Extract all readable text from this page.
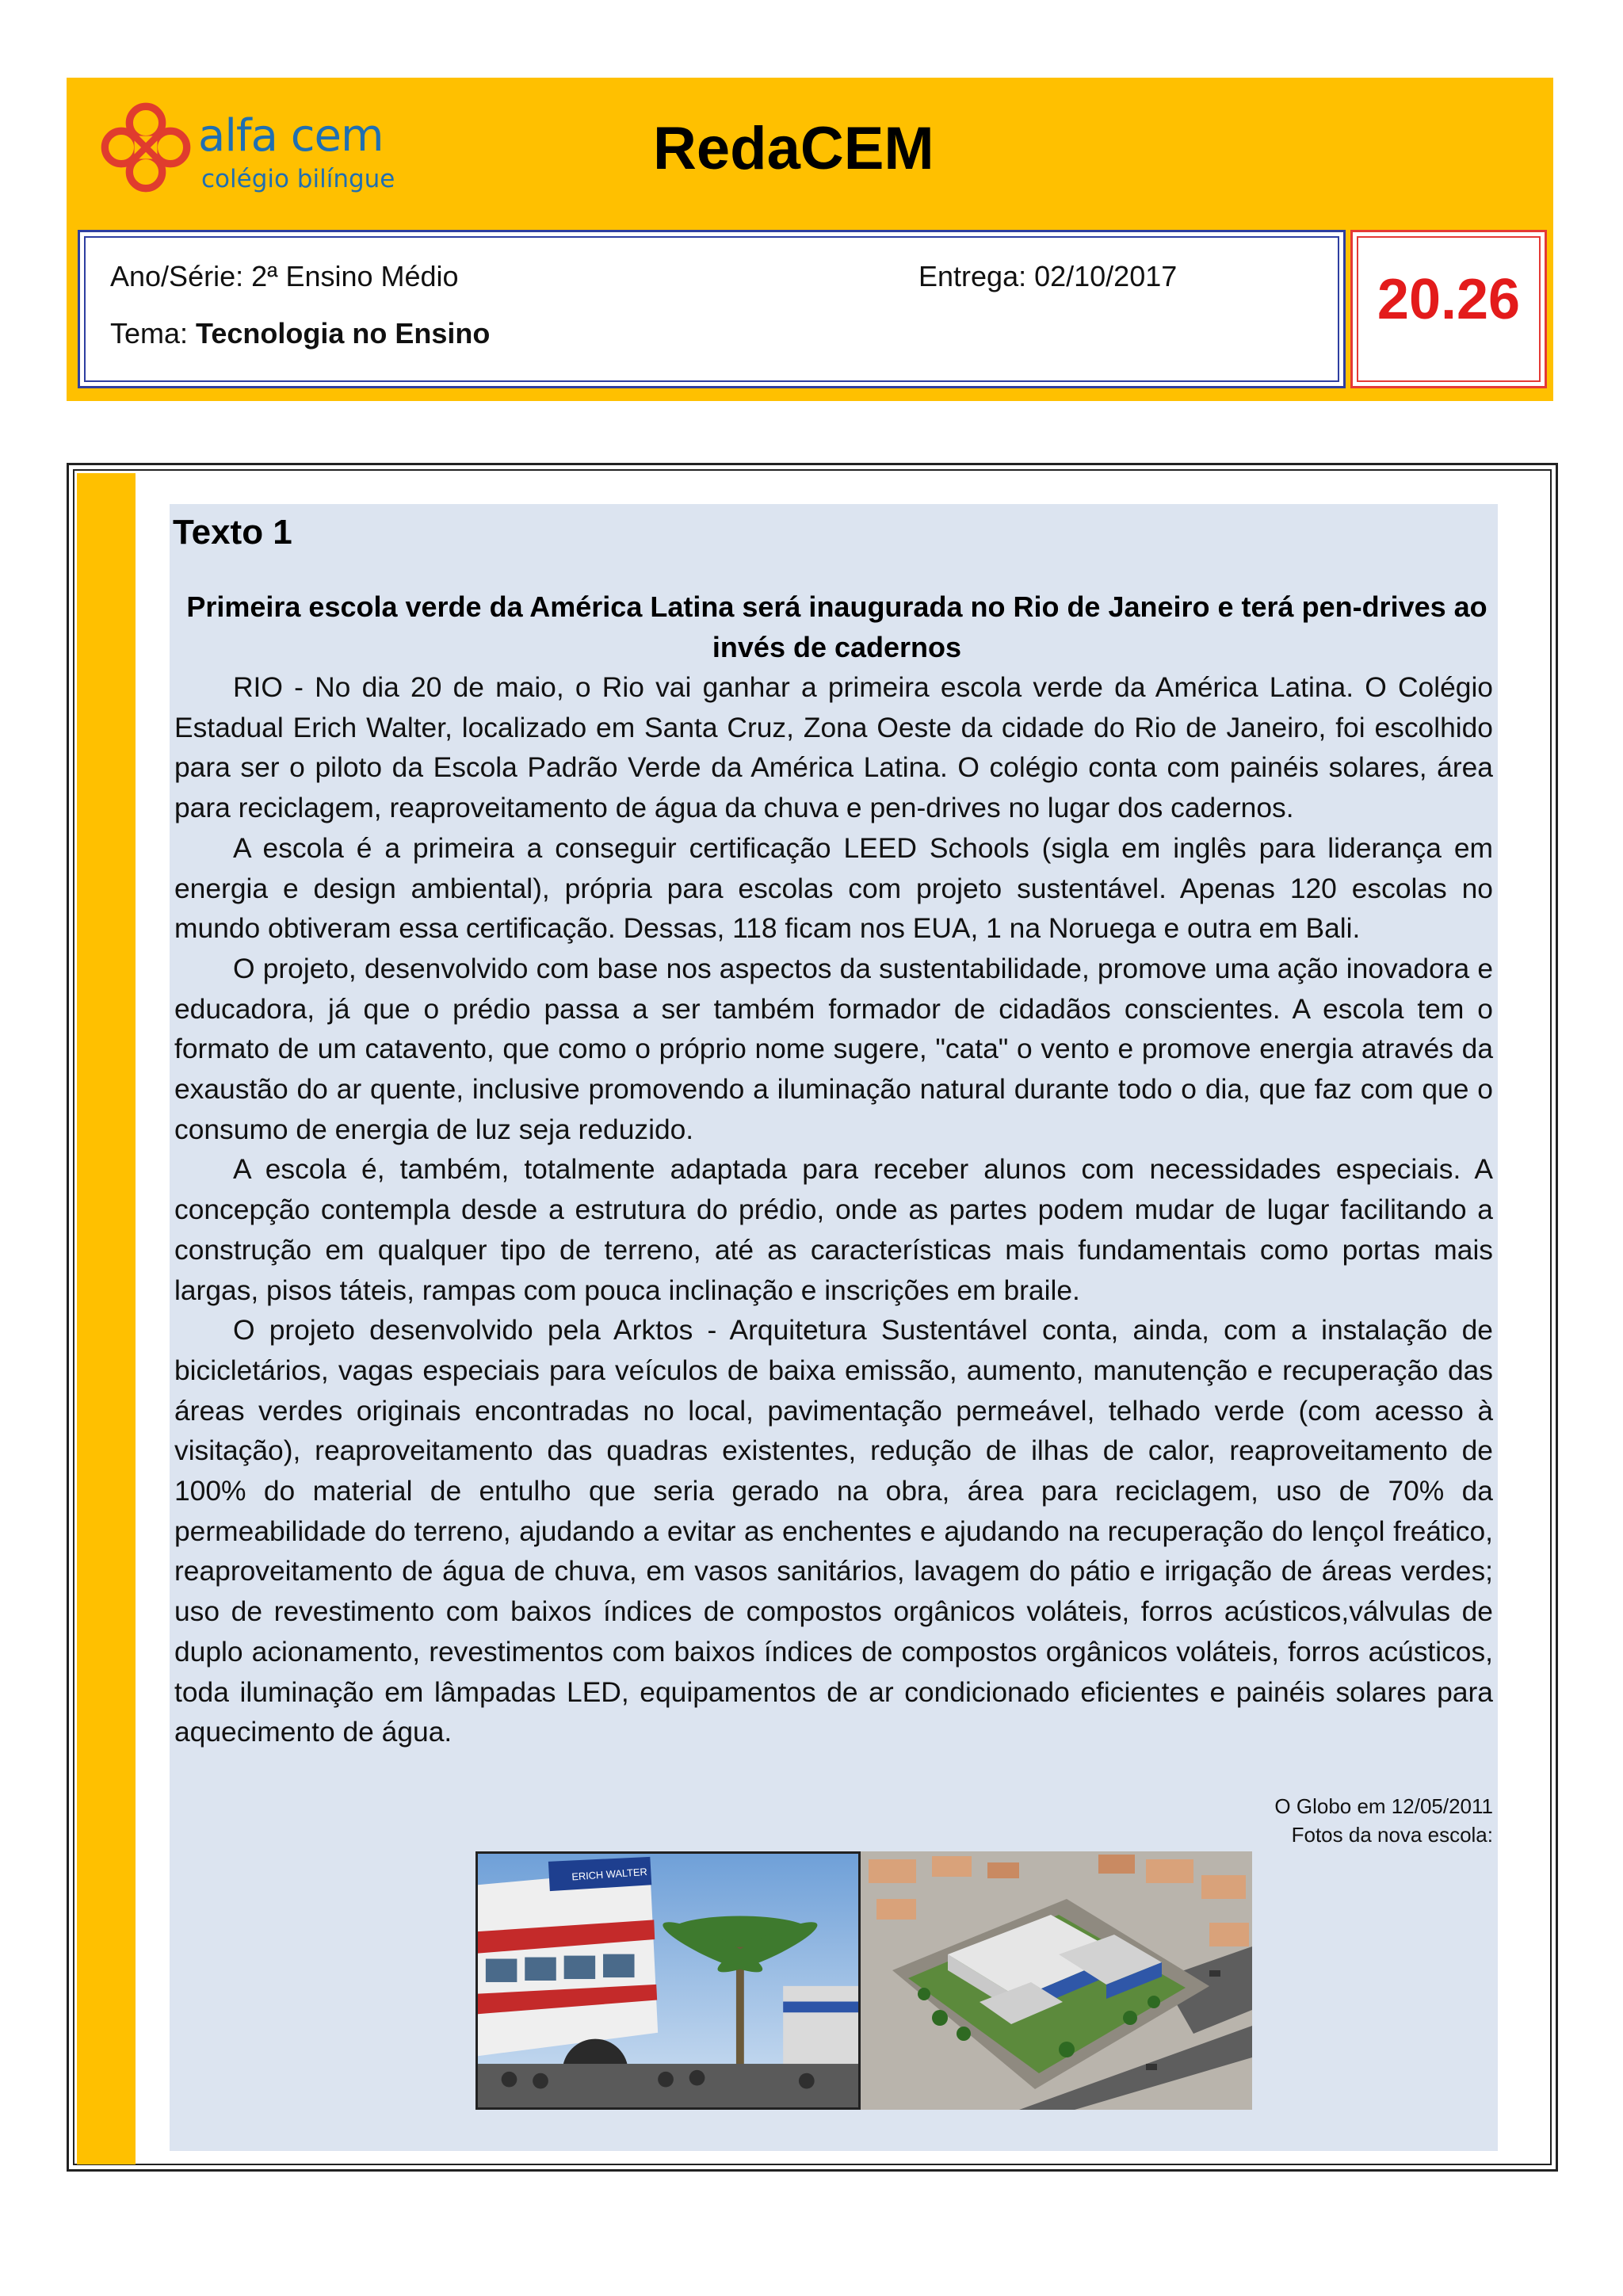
alfa cem
colégio bilíngue	RedaCEM
Ano/Série: 2ª Ensino Médio	Entrega: 02/10/2017
Tema: Tecnologia no Ensino
20.26
Texto 1
Primeira escola verde da América Latina será inaugurada no Rio de Janeiro e terá pen-drives ao
invés de cadernos

RIO - No dia 20 de maio, o Rio vai ganhar a primeira escola verde da América Latina. O Colégio Estadual Erich Walter, localizado em Santa Cruz, Zona Oeste da cidade do Rio de Janeiro, foi escolhido para ser o piloto da Escola Padrão Verde da América Latina. O colégio conta com painéis solares, área para reciclagem, reaproveitamento de água da chuva e pen-drives no lugar dos cadernos.

A escola é a primeira a conseguir certificação LEED Schools (sigla em inglês para liderança em energia e design ambiental), própria para escolas com projeto sustentável. Apenas 120 escolas no mundo obtiveram essa certificação. Dessas, 118 ficam nos EUA, 1 na Noruega e outra em Bali.

O projeto, desenvolvido com base nos aspectos da sustentabilidade, promove uma ação inovadora e educadora, já que o prédio passa a ser também formador de cidadãos conscientes. A escola tem o formato de um catavento, que como o próprio nome sugere, "cata" o vento e promove energia através da exaustão do ar quente, inclusive promovendo a iluminação natural durante todo o dia, que faz com que o consumo de energia de luz seja reduzido.

A escola é, também, totalmente adaptada para receber alunos com necessidades especiais. A concepção contempla desde a estrutura do prédio, onde as partes podem mudar de lugar facilitando a construção em qualquer tipo de terreno, até as características mais fundamentais como portas mais largas, pisos táteis, rampas com pouca inclinação e inscrições em braile.

O projeto desenvolvido pela Arktos - Arquitetura Sustentável conta, ainda, com a instalação de bicicletários, vagas especiais para veículos de baixa emissão, aumento, manutenção e recuperação das áreas verdes originais encontradas no local, pavimentação permeável, telhado verde (com acesso à visitação), reaproveitamento das quadras existentes, redução de ilhas de calor, reaproveitamento de 100% do material de entulho que seria gerado na obra, área para reciclagem, uso de 70% da permeabilidade do terreno, ajudando a evitar as enchentes e ajudando na recuperação do lençol freático, reaproveitamento de água de chuva, em vasos sanitários, lavagem do pátio e irrigação de áreas verdes; uso de revestimento com baixos índices de compostos orgânicos voláteis, forros acústicos,válvulas de duplo acionamento, revestimentos com baixos índices de compostos orgânicos voláteis, forros acústicos, toda iluminação em lâmpadas LED, equipamentos de ar condicionado eficientes e painéis solares para aquecimento de água.

O Globo em 12/05/2011
Fotos da nova escola:
ERICH WALTER
